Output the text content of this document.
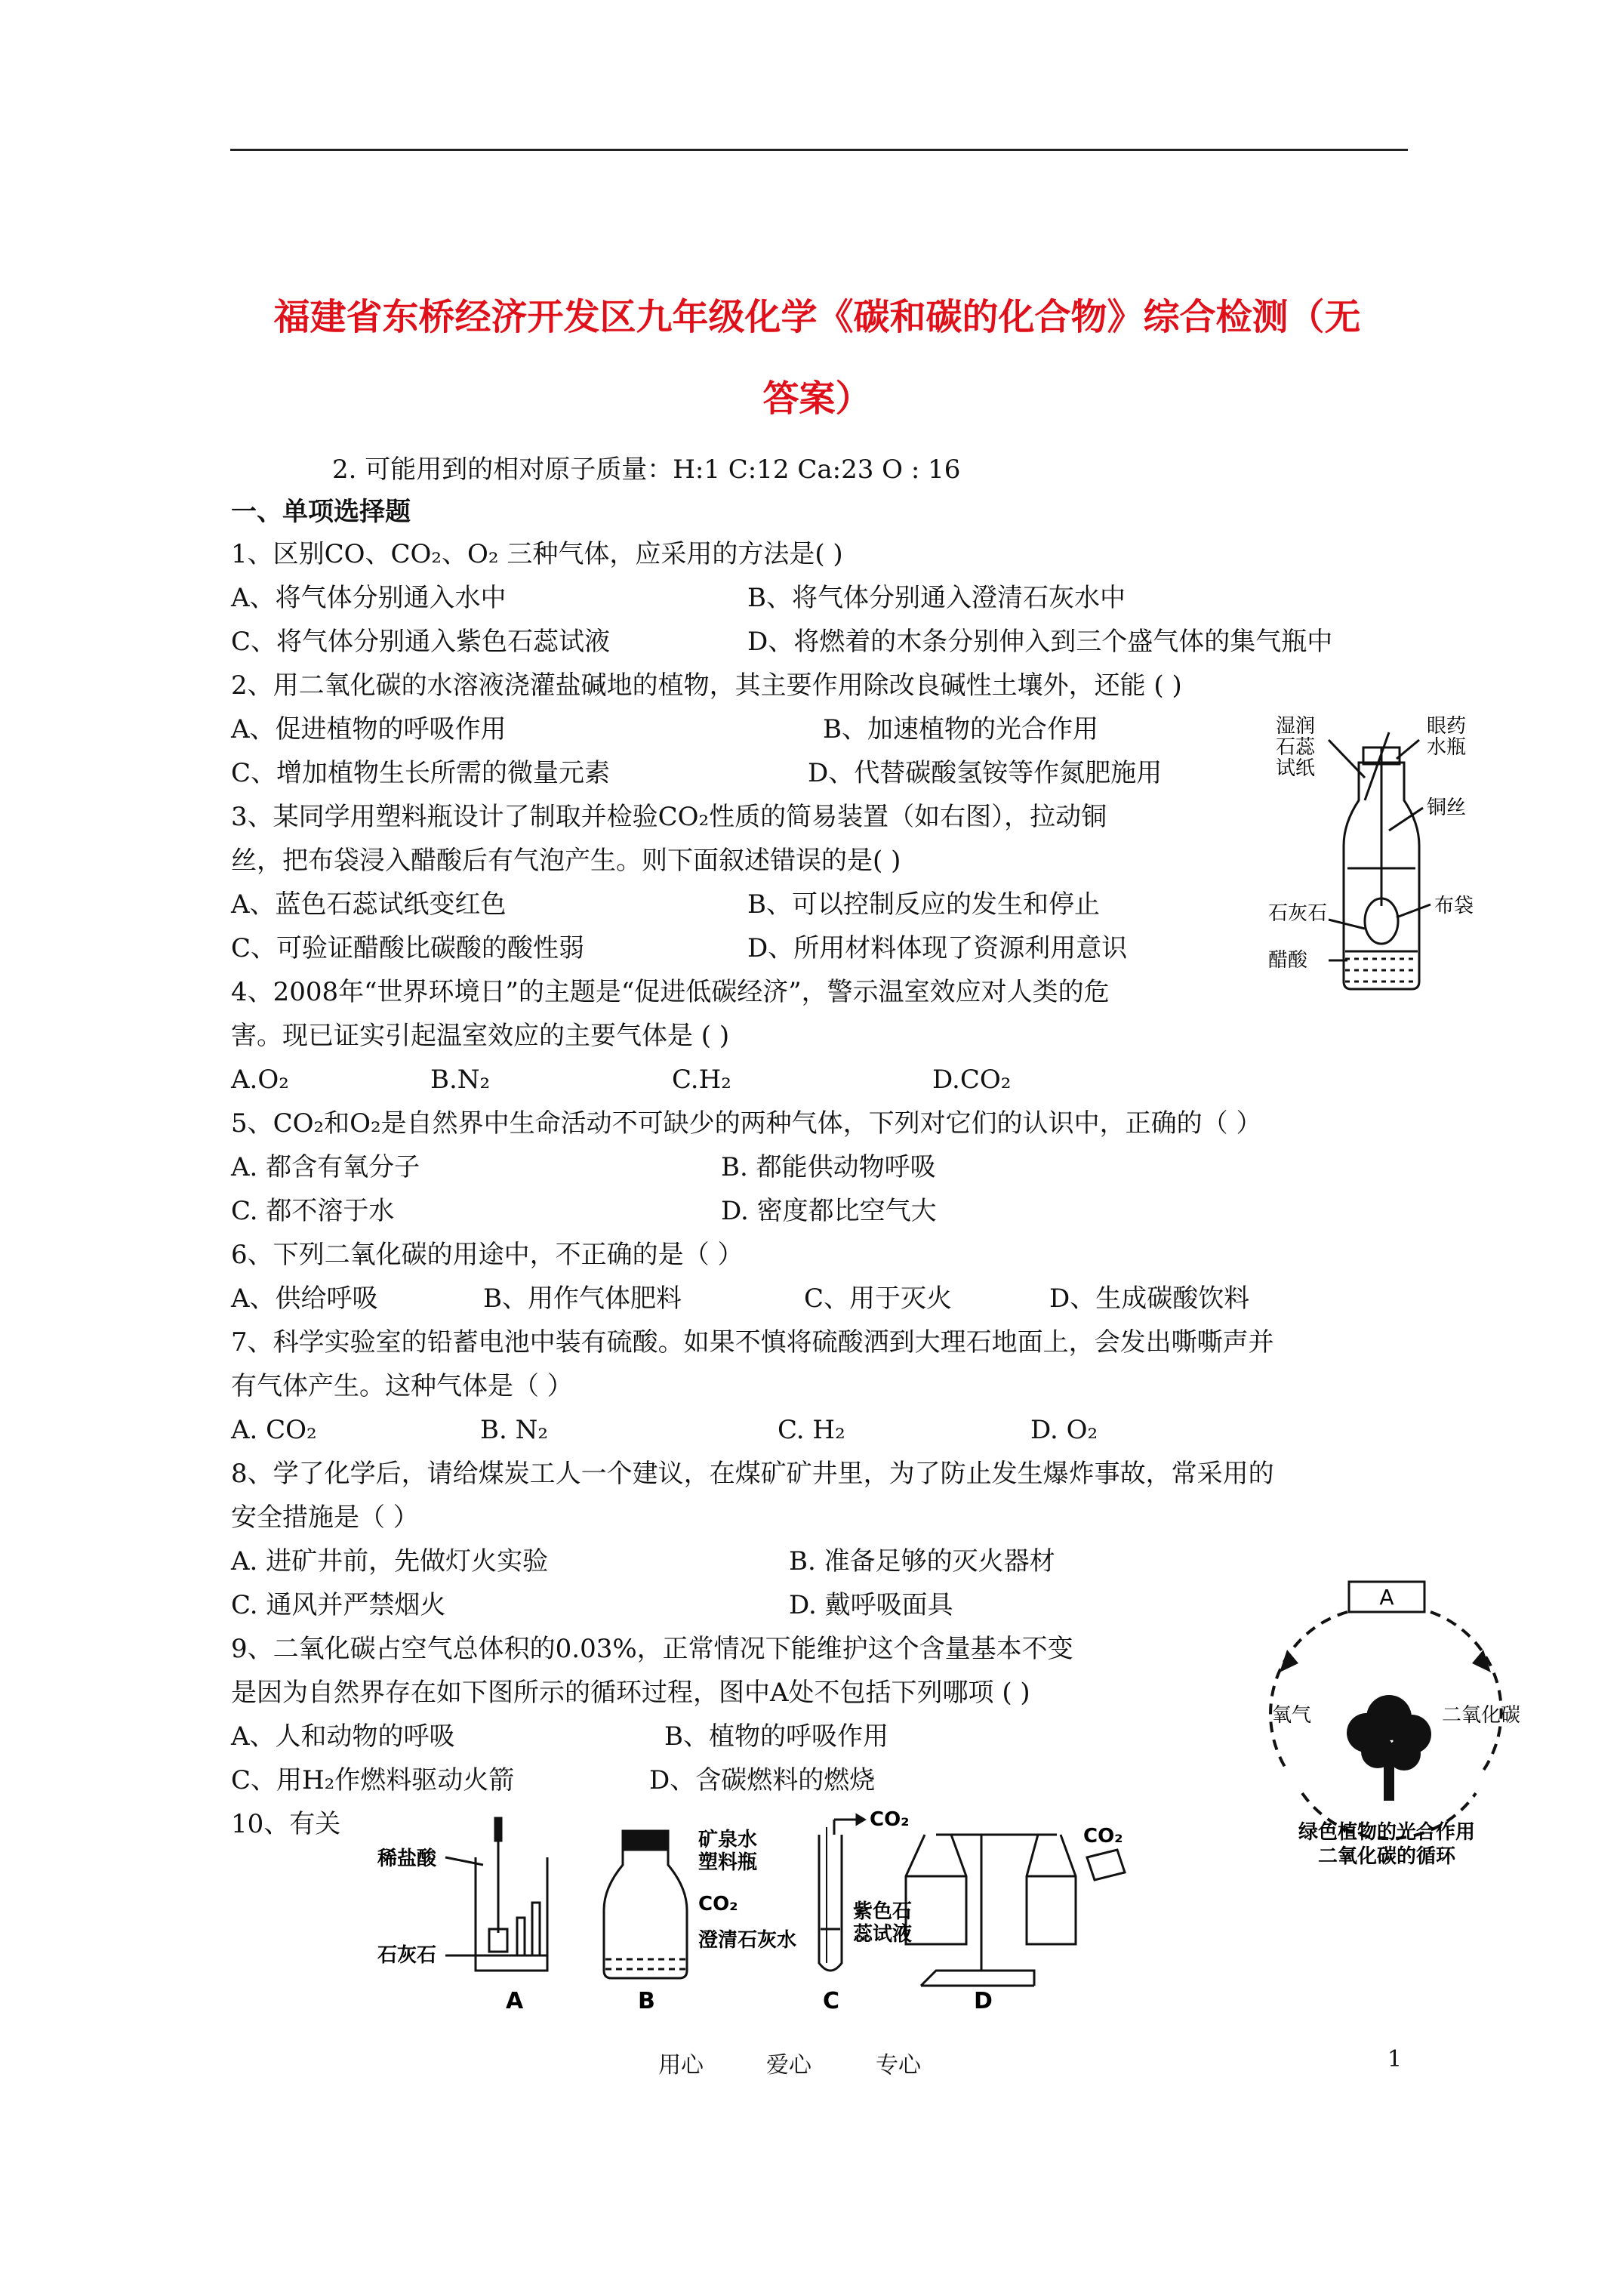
福建省东桥经济开发区九年级化学《碳和碳的化合物》综合检测（无
答案）
2. 可能用到的相对原子质量：H:1 C:12 Ca:23 O : 16
一、单项选择题
1、区别CO、CO₂、O₂ 三种气体，应采用的方法是( )
A、将气体分别通入水中	B、将气体分别通入澄清石灰水中
C、将气体分别通入紫色石蕊试液	D、将燃着的木条分别伸入到三个盛气体的集气瓶中
2、用二氧化碳的水溶液浇灌盐碱地的植物，其主要作用除改良碱性土壤外，还能 ( )
A、促进植物的呼吸作用	B、加速植物的光合作用
C、增加植物生长所需的微量元素	D、代替碳酸氢铵等作氮肥施用
3、某同学用塑料瓶设计了制取并检验CO₂性质的简易装置（如右图），拉动铜
丝，把布袋浸入醋酸后有气泡产生。则下面叙述错误的是( )
A、蓝色石蕊试纸变红色	B、可以控制反应的发生和停止
C、可验证醋酸比碳酸的酸性弱	D、所用材料体现了资源利用意识
4、2008年“世界环境日”的主题是“促进低碳经济”，警示温室效应对人类的危
害。现已证实引起温室效应的主要气体是 ( )
A.O₂	B.N₂	C.H₂	D.CO₂
5、CO₂和O₂是自然界中生命活动不可缺少的两种气体，下列对它们的认识中，正确的（ ）
A. 都含有氧分子	B. 都能供动物呼吸
C. 都不溶于水	D. 密度都比空气大
6、下列二氧化碳的用途中，不正确的是（ ）
A、供给呼吸	B、用作气体肥料	C、用于灭火	D、生成碳酸饮料
7、科学实验室的铅蓄电池中装有硫酸。如果不慎将硫酸洒到大理石地面上，会发出嘶嘶声并
有气体产生。这种气体是（ ）
A. CO₂	B. N₂	C. H₂	D. O₂
8、学了化学后，请给煤炭工人一个建议，在煤矿矿井里，为了防止发生爆炸事故，常采用的
安全措施是（ ）
A. 进矿井前，先做灯火实验	B. 准备足够的灭火器材
C. 通风并严禁烟火	D. 戴呼吸面具
9、二氧化碳占空气总体积的0.03%，正常情况下能维护这个含量基本不变
是因为自然界存在如下图所示的循环过程，图中A处不包括下列哪项 ( )
A、人和动物的呼吸	B、植物的呼吸作用
C、用H₂作燃料驱动火箭	D、含碳燃料的燃烧
10、有关
湿润
石蕊
试纸
眼药
水瓶
铜丝
布袋
石灰石
醋酸
A
氧气	二氧化碳
绿色植物的光合作用
二氧化碳的循环
稀盐酸
石灰石
A
矿泉水
塑料瓶
CO₂
澄清石灰水
B
CO₂
紫色石
蕊试液
C
CO₂
D
用心	爱心	专心	1
